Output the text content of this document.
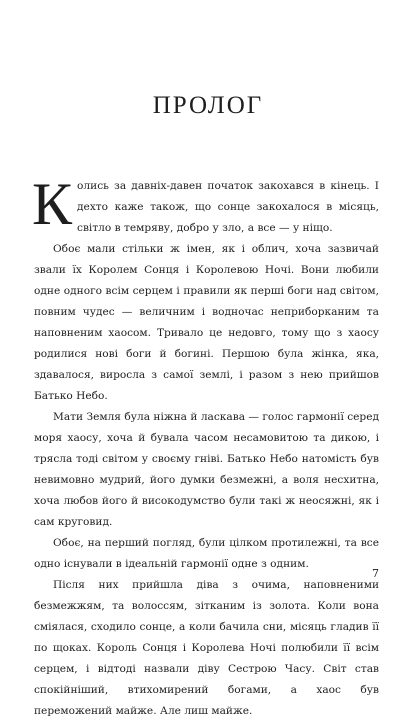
ПРОЛОГ

Колись за давніх-давен початок закохався в кінець. І дехто каже також, що сонце закохалося в місяць, світло в темряву, добро у зло, а все — у ніщо.

Обоє мали стільки ж імен, як і облич, хоча зазвичай звали їх Королем Сонця і Королевою Ночі. Вони любили одне одного всім серцем і правили як перші боги над світом, повним чудес — величним і водночас неприборканим та наповненим хаосом. Тривало це недовго, тому що з хаосу родилися нові боги й богині. Першою була жінка, яка, здавалося, виросла з самої землі, і разом з нею прийшов Батько Небо.

Мати Земля була ніжна й ласкава — голос гармонії серед моря хаосу, хоча й бувала часом несамовитою та дикою, і трясла тоді світом у своєму гніві. Батько Небо натомість був невимовно мудрий, його думки безмежні, а воля несхитна, хоча любов його й високодумство були такі ж неосяжні, як і сам круговид.

Обоє, на перший погляд, були цілком протилежні, та все одно існували в ідеальній гармонії одне з одним.

Після них прийшла діва з очима, наповненими безмежжям, та волоссям, зітканим із золота. Коли вона сміялася, сходило сонце, а коли бачила сни, місяць гладив її по щоках. Король Сонця і Королева Ночі полюбили її всім серцем, і відтоді назвали діву Сестрою Часу. Світ став спокійніший, втихомирений богами, а хаос був переможений майже. Але лиш майже.

7
